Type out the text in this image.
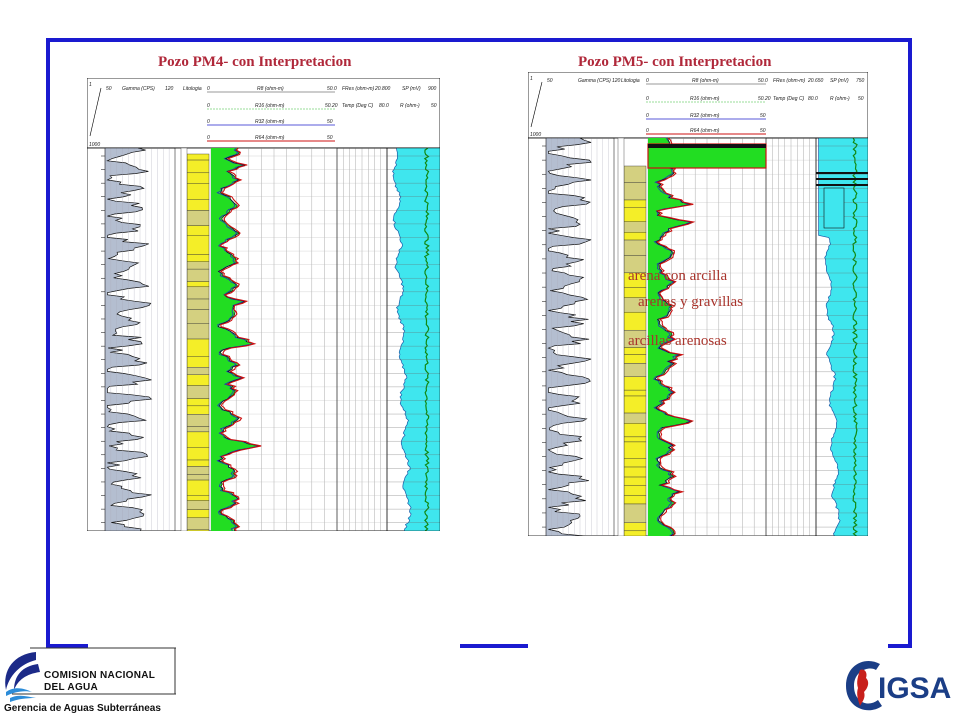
Pozo PM4- con Interpretacion	Pozo PM5- con Interpretacion
1
1000
50 Gamma (CPS) 120 Litologia 0	R8 (ohm-m)	50.0 FRes (ohm-m) 20.800 SP (mV) 900
0	R16 (ohm-m)	50.20 Temp (Deg C) 80.0 R (ohm-) 50
0	R32 (ohm-m)	50
0	R64 (ohm-m)	50
1
1000
50	Gamma (CPS) 120 Litologia 0	R8 (ohm-m)	50.0 FRes (ohm-m) 20.650 SP (mV) 750
0	R16 (ohm-m)	50.20 Temp (Deg C) 80.0 R (ohm-) 50
0	R32 (ohm-m)	50
0	R64 (ohm-m)	50
arena con arcilla
arenas y gravillas
arcillas arenosas
COMISION NACIONAL
DEL AGUA
Gerencia de Aguas Subterráneas
IGSA
